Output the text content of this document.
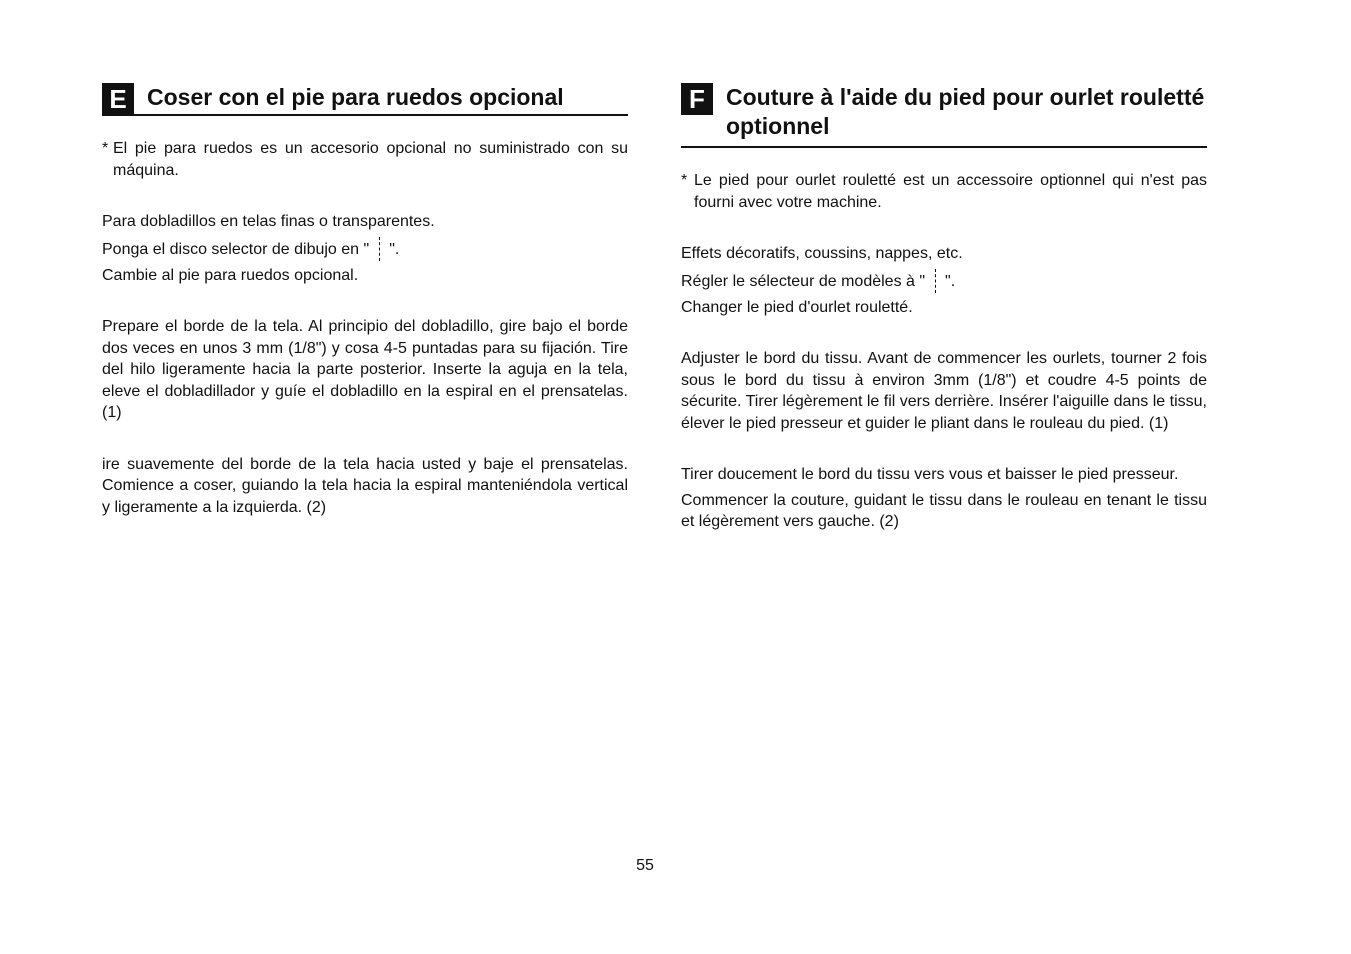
E Coser con el pie para ruedos opcional
* El pie para ruedos es un accesorio opcional no suministrado con su máquina.

Para dobladillos en telas finas o transparentes.

Ponga el disco selector de dibujo en " ".

Cambie al pie para ruedos opcional.

Prepare el borde de la tela. Al principio del dobladillo, gire bajo el borde dos veces en unos 3 mm (1/8") y cosa 4-5 puntadas para su fijación. Tire del hilo ligeramente hacia la parte posterior. Inserte la aguja en la tela, eleve el dobladillador y guíe el dobladillo en la espiral en el prensatelas. (1)

ire suavemente del borde de la tela hacia usted y baje el prensatelas. Comience a coser, guiando la tela hacia la espiral manteniéndola vertical y ligeramente a la izquierda. (2)

F Couture à l'aide du pied pour ourlet rouletté optionnel
* Le pied pour ourlet rouletté est un accessoire optionnel qui n'est pas fourni avec votre machine.

Effets décoratifs, coussins, nappes, etc.

Régler le sélecteur de modèles à " ".

Changer le pied d'ourlet rouletté.

Adjuster le bord du tissu. Avant de commencer les ourlets, tourner 2 fois sous le bord du tissu à environ 3mm (1/8") et coudre 4-5 points de sécurite. Tirer légèrement le fil vers derrière. Insérer l'aiguille dans le tissu, élever le pied presseur et guider le pliant dans le rouleau du pied. (1)

Tirer doucement le bord du tissu vers vous et baisser le pied presseur.

Commencer la couture, guidant le tissu dans le rouleau en tenant le tissu et légèrement vers gauche. (2)

55
